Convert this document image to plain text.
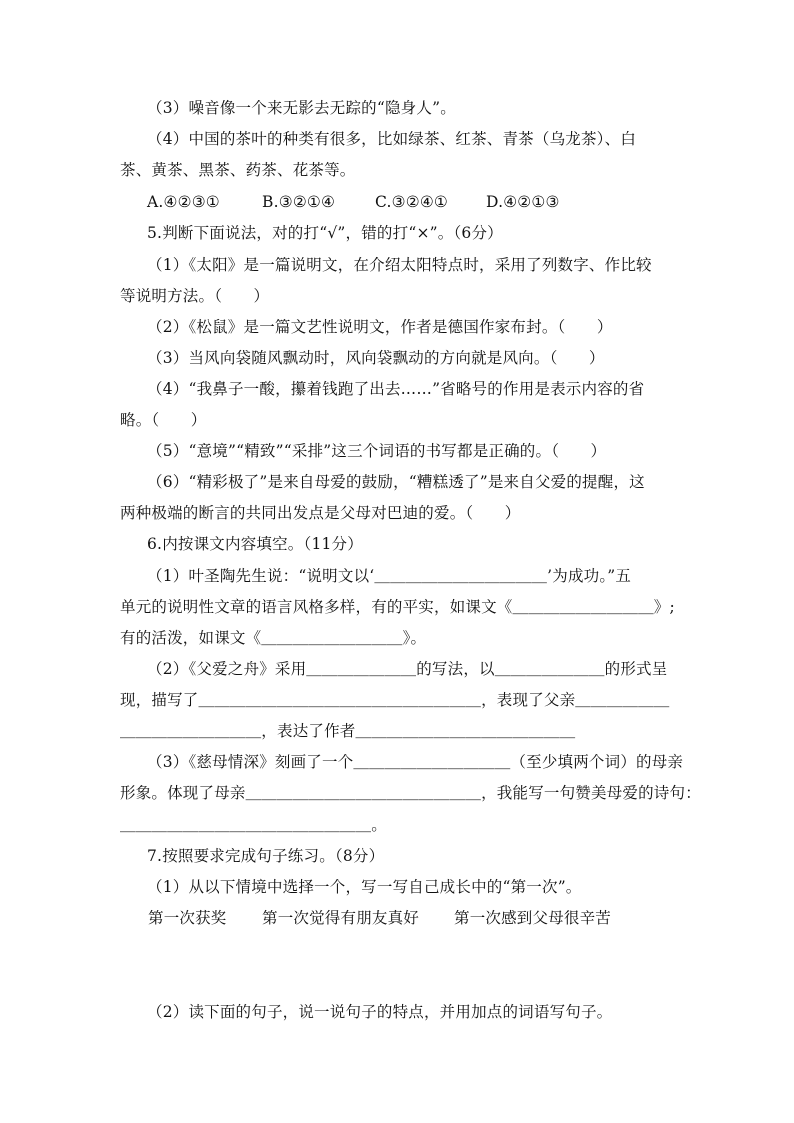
（3）噪音像一个来无影去无踪的“隐身人”。
（4）中国的茶叶的种类有很多，比如绿茶、红茶、青茶（乌龙茶）、白
茶、黄茶、黑茶、药茶、花茶等。
A.④②③①	B.③②①④	C.③②④① D.④②①③
5.判断下面说法，对的打“√”，错的打“×”。（6分）
（1）《太阳》是一篇说明文，在介绍太阳特点时，采用了列数字、作比较
等说明方法。（　　）
（2）《松鼠》是一篇文艺性说明文，作者是德国作家布封。（　　）
（3）当风向袋随风飘动时，风向袋飘动的方向就是风向。（　　）
（4）“我鼻子一酸，攥着钱跑了出去……”省略号的作用是表示内容的省
略。（　　）
（5）“意境”“精致”“采排”这三个词语的书写都是正确的。（　　）
（6）“精彩极了”是来自母爱的鼓励，“糟糕透了”是来自父爱的提醒，这
两种极端的断言的共同出发点是父母对巴迪的爱。（　　）
6.内按课文内容填空。（11分）
（1）叶圣陶先生说：“说明文以‘＿＿＿＿＿＿＿＿＿＿＿’为成功。”五
单元的说明性文章的语言风格多样，有的平实，如课文《＿＿＿＿＿＿＿＿＿》;
有的活泼，如课文《＿＿＿＿＿＿＿＿＿》。
（2）《父爱之舟》采用＿＿＿＿＿＿＿的写法，以＿＿＿＿＿＿＿的形式呈
现，描写了＿＿＿＿＿＿＿＿＿＿＿＿＿＿＿＿＿＿，表现了父亲＿＿＿＿＿＿
＿＿＿＿＿＿＿＿＿，表达了作者＿＿＿＿＿＿＿＿＿＿＿＿＿＿
（3）《慈母情深》刻画了一个＿＿＿＿＿＿＿＿＿＿（至少填两个词）的母亲
形象。体现了母亲＿＿＿＿＿＿＿＿＿＿＿＿＿＿＿，我能写一句赞美母爱的诗句：
＿＿＿＿＿＿＿＿＿＿＿＿＿＿＿＿。
7.按照要求完成句子练习。（8分）
（1）从以下情境中选择一个，写一写自己成长中的“第一次”。
第一次获奖 第一次觉得有朋友真好 第一次感到父母很辛苦
（2）读下面的句子，说一说句子的特点，并用加点的词语写句子。
